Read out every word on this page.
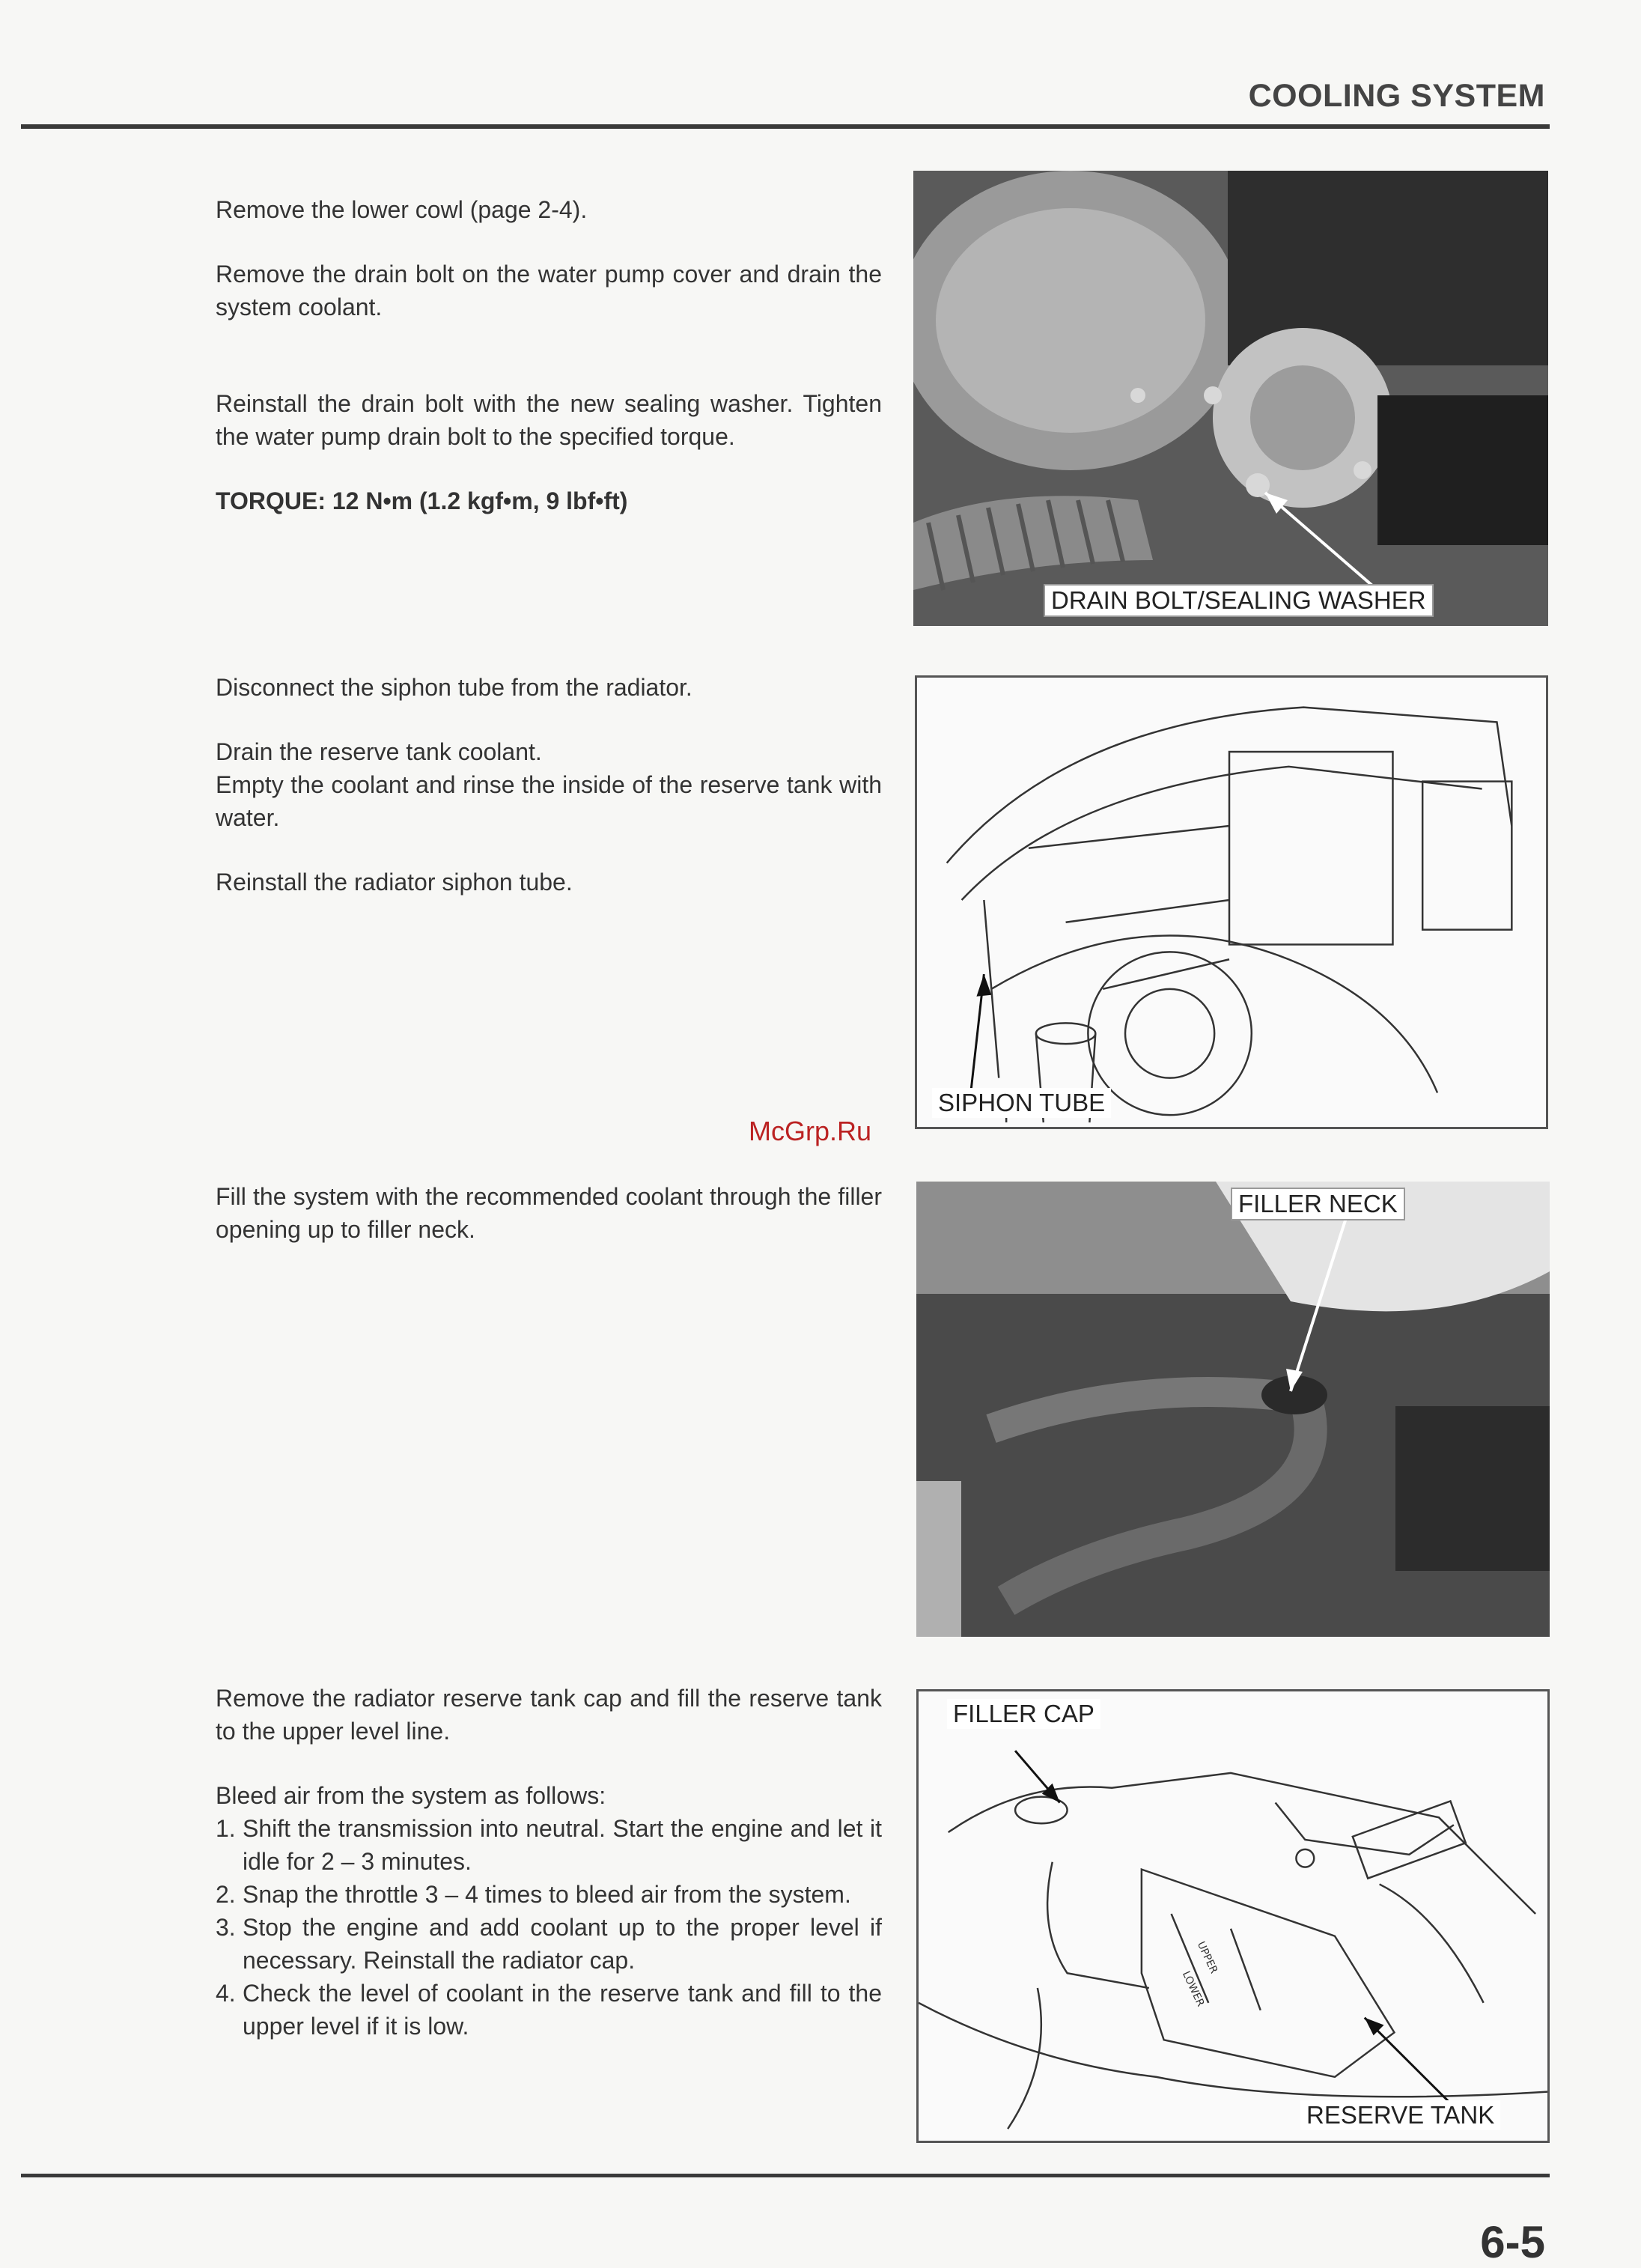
COOLING SYSTEM

Remove the lower cowl (page 2-4).

Remove the drain bolt on the water pump cover and drain the system coolant.

Reinstall the drain bolt with the new sealing washer. Tighten the water pump drain bolt to the specified torque.

TORQUE: 12 N•m (1.2 kgf•m, 9 lbf•ft)

DRAIN BOLT/SEALING WASHER

Disconnect the siphon tube from the radiator.

Drain the reserve tank coolant.

Empty the coolant and rinse the inside of the reserve tank with water.

Reinstall the radiator siphon tube.

SIPHON TUBE
McGrp.Ru

Fill the system with the recommended coolant through the filler opening up to filler neck.

FILLER NECK

Remove the radiator reserve tank cap and fill the reserve tank to the upper level line.

Bleed air from the system as follows:

1. Shift the transmission into neutral. Start the engine and let it idle for 2 – 3 minutes.
2. Snap the throttle 3 – 4 times to bleed air from the system.
3. Stop the engine and add coolant up to the proper level if necessary. Reinstall the radiator cap.
4. Check the level of coolant in the reserve tank and fill to the upper level if it is low.
UPPER
LOWER
FILLER CAP
RESERVE TANK
6-5
